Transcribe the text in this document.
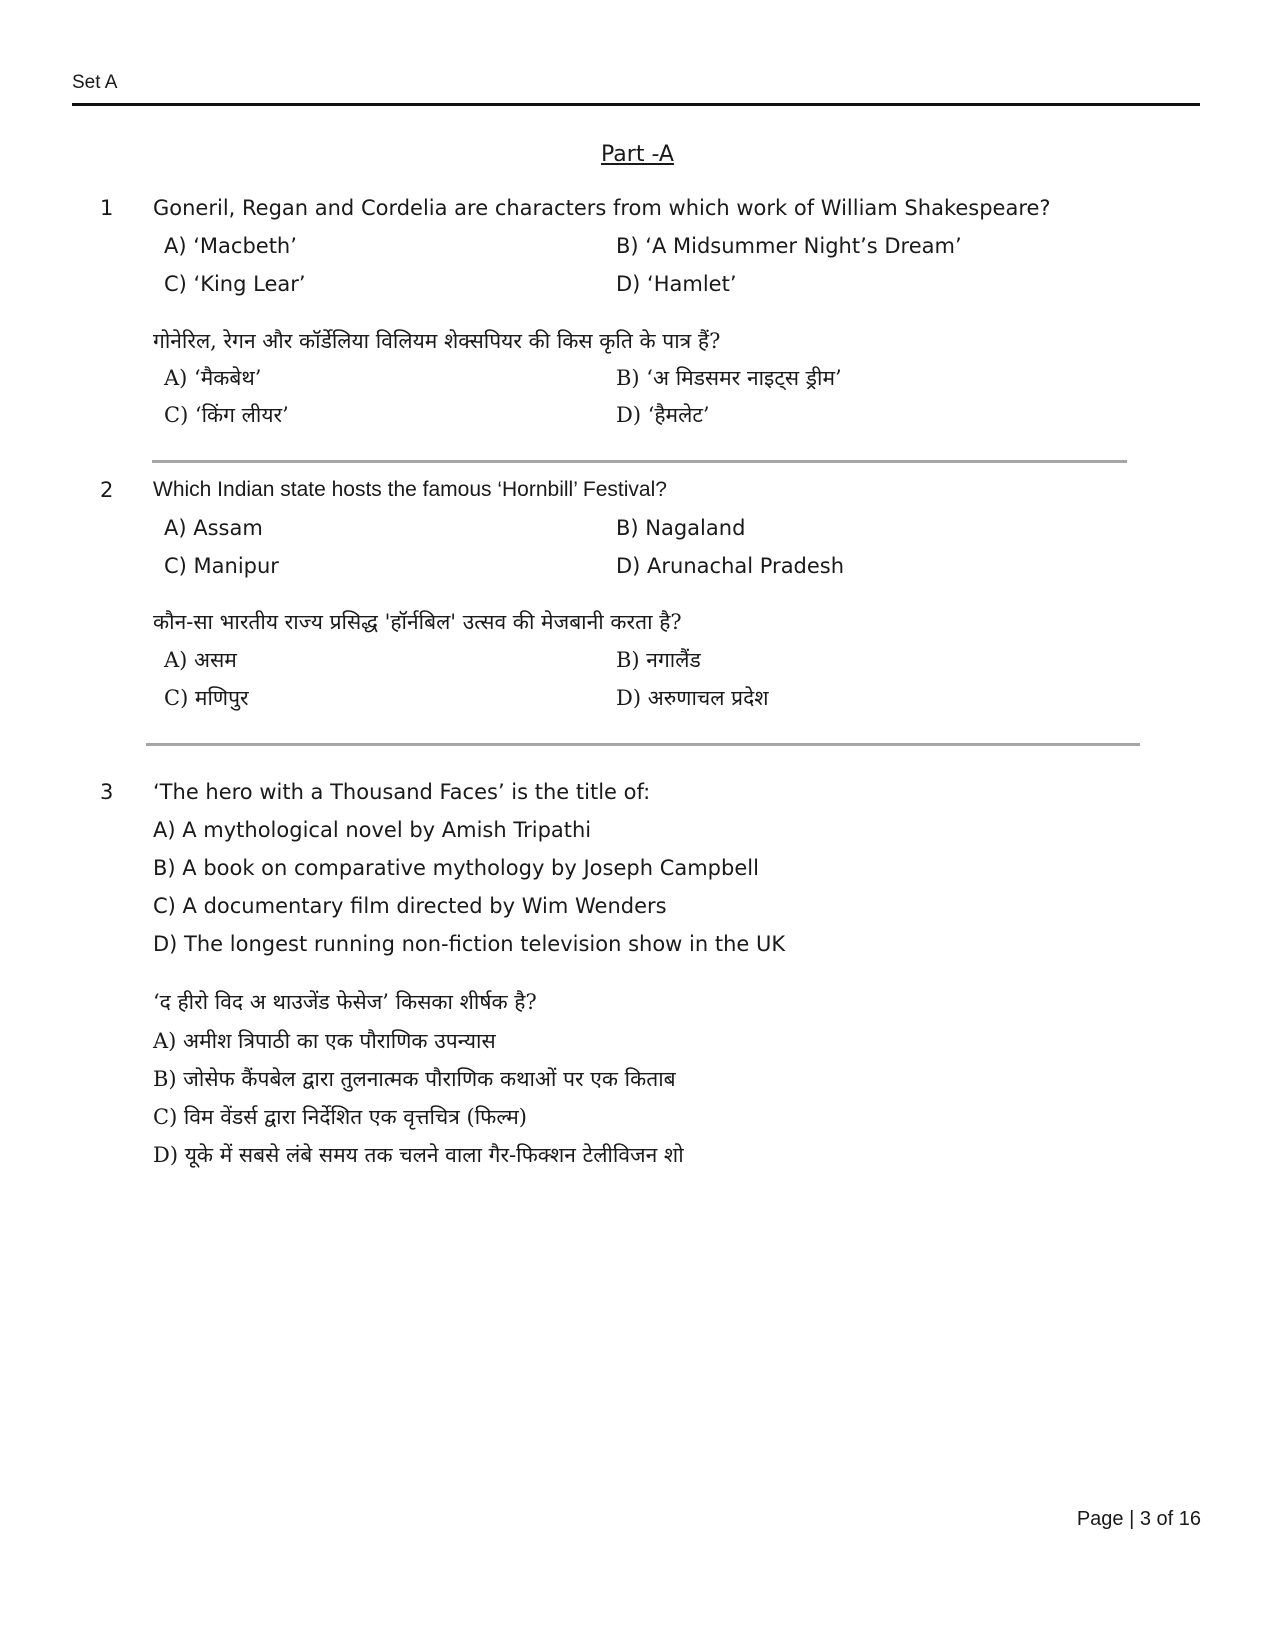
Set A
Part -A
1 Goneril, Regan and Cordelia are characters from which work of William Shakespeare?
A) ‘Macbeth’	B) ‘A Midsummer Night’s Dream’
C) ‘King Lear’	D) ‘Hamlet’
गोनेरिल, रेगन और कॉर्डेलिया विलियम शेक्सपियर की किस कृति के पात्र हैं?
A) ‘मैकबेथ’	B) ‘अ मिडसमर नाइट्स ड्रीम’
C) ‘किंग लीयर’	D) ‘हैमलेट’
2 Which Indian state hosts the famous ‘Hornbill’ Festival?
A) Assam	B) Nagaland
C) Manipur	D) Arunachal Pradesh
कौन-सा भारतीय राज्य प्रसिद्ध 'हॉर्नबिल' उत्सव की मेजबानी करता है?
A) असम	B) नगालैंड
C) मणिपुर	D) अरुणाचल प्रदेश
3 ‘The hero with a Thousand Faces’ is the title of:
A) A mythological novel by Amish Tripathi
B) A book on comparative mythology by Joseph Campbell
C) A documentary film directed by Wim Wenders
D) The longest running non-fiction television show in the UK
‘द हीरो विद अ थाउजेंड फेसेज’ किसका शीर्षक है?
A) अमीश त्रिपाठी का एक पौराणिक उपन्यास
B) जोसेफ कैंपबेल द्वारा तुलनात्मक पौराणिक कथाओं पर एक किताब
C) विम वेंडर्स द्वारा निर्देशित एक वृत्तचित्र (फिल्म)
D) यूके में सबसे लंबे समय तक चलने वाला गैर-फिक्शन टेलीविजन शो
Page | 3 of 16
